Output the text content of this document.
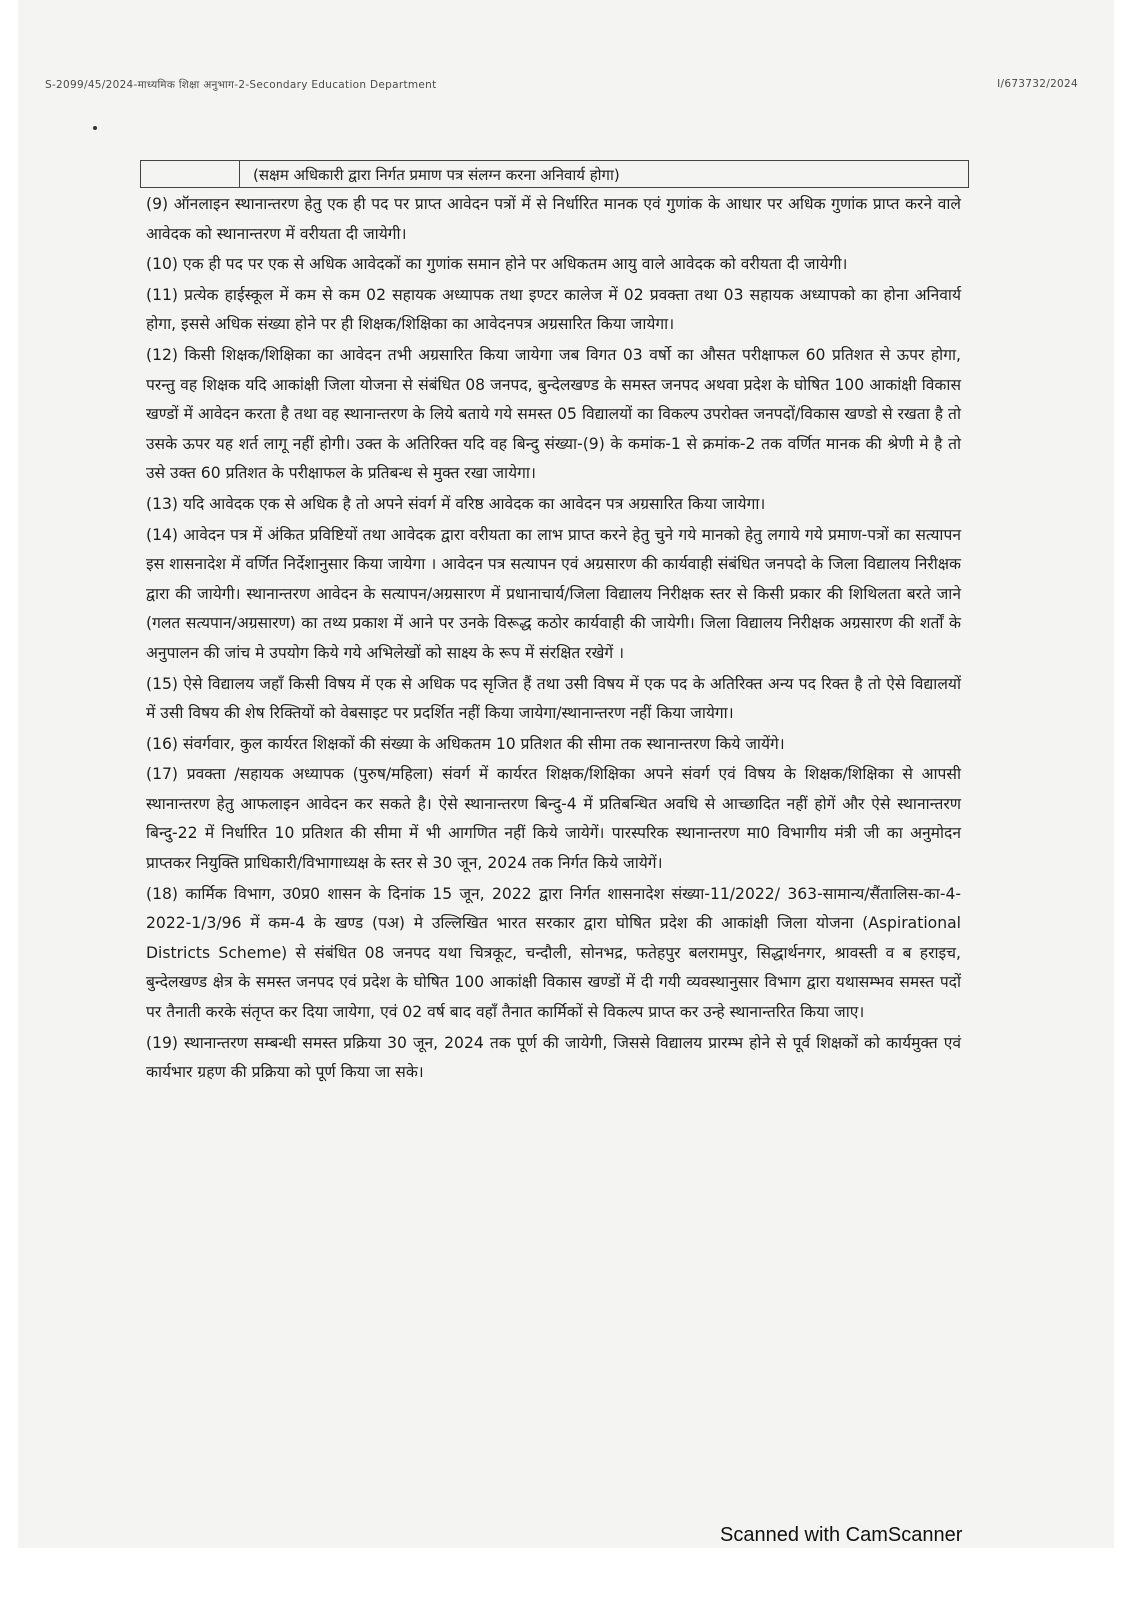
S-2099/45/2024-माध्यमिक शिक्षा अनुभाग-2-Secondary Education Department	I/673732/2024
(सक्षम अधिकारी द्वारा निर्गत प्रमाण पत्र संलग्न करना अनिवार्य होगा)

(9) ऑनलाइन स्थानान्तरण हेतु एक ही पद पर प्राप्त आवेदन पत्रों में से निर्धारित मानक एवं गुणांक के आधार पर अधिक गुणांक प्राप्त करने वाले आवेदक को स्थानान्तरण में वरीयता दी जायेगी।

(10) एक ही पद पर एक से अधिक आवेदकों का गुणांक समान होने पर अधिकतम आयु वाले आवेदक को वरीयता दी जायेगी।

(11) प्रत्येक हाईस्कूल में कम से कम 02 सहायक अध्यापक तथा इण्टर कालेज में 02 प्रवक्ता तथा 03 सहायक अध्यापको का होना अनिवार्य होगा, इससे अधिक संख्या होने पर ही शिक्षक/शिक्षिका का आवेदनपत्र अग्रसारित किया जायेगा।

(12) किसी शिक्षक/शिक्षिका का आवेदन तभी अग्रसारित किया जायेगा जब विगत 03 वर्षो का औसत परीक्षाफल 60 प्रतिशत से ऊपर होगा, परन्तु वह शिक्षक यदि आकांक्षी जिला योजना से संबंधित 08 जनपद, बुन्देलखण्ड के समस्त जनपद अथवा प्रदेश के घोषित 100 आकांक्षी विकास खण्डों में आवेदन करता है तथा वह स्थानान्तरण के लिये बताये गये समस्त 05 विद्यालयों का विकल्प उपरोक्त जनपदों/विकास खण्डो से रखता है तो उसके ऊपर यह शर्त लागू नहीं होगी। उक्त के अतिरिक्त यदि वह बिन्दु संख्या-(9) के कमांक-1 से क्रमांक-2 तक वर्णित मानक की श्रेणी मे है तो उसे उक्त 60 प्रतिशत के परीक्षाफल के प्रतिबन्ध से मुक्त रखा जायेगा।

(13) यदि आवेदक एक से अधिक है तो अपने संवर्ग में वरिष्ठ आवेदक का आवेदन पत्र अग्रसारित किया जायेगा।

(14) आवेदन पत्र में अंकित प्रविष्टियों तथा आवेदक द्वारा वरीयता का लाभ प्राप्त करने हेतु चुने गये मानको हेतु लगाये गये प्रमाण-पत्रों का सत्यापन इस शासनादेश में वर्णित निर्देशानुसार किया जायेगा । आवेदन पत्र सत्यापन एवं अग्रसारण की कार्यवाही संबंधित जनपदो के जिला विद्यालय निरीक्षक द्वारा की जायेगी। स्थानान्तरण आवेदन के सत्यापन/अग्रसारण में प्रधानाचार्य/जिला विद्यालय निरीक्षक स्तर से किसी प्रकार की शिथिलता बरते जाने (गलत सत्यपान/अग्रसारण) का तथ्य प्रकाश में आने पर उनके विरूद्ध कठोर कार्यवाही की जायेगी। जिला विद्यालय निरीक्षक अग्रसारण की शर्तों के अनुपालन की जांच मे उपयोग किये गये अभिलेखों को साक्ष्य के रूप में संरक्षित रखेगें ।

(15) ऐसे विद्यालय जहाँ किसी विषय में एक से अधिक पद सृजित हैं तथा उसी विषय में एक पद के अतिरिक्त अन्य पद रिक्त है तो ऐसे विद्यालयों में उसी विषय की शेष रिक्तियों को वेबसाइट पर प्रदर्शित नहीं किया जायेगा/स्थानान्तरण नहीं किया जायेगा।

(16) संवर्गवार, कुल कार्यरत शिक्षकों की संख्या के अधिकतम 10 प्रतिशत की सीमा तक स्थानान्तरण किये जायेंगे।

(17) प्रवक्ता /सहायक अध्यापक (पुरुष/महिला) संवर्ग में कार्यरत शिक्षक/शिक्षिका अपने संवर्ग एवं विषय के शिक्षक/शिक्षिका से आपसी स्थानान्तरण हेतु आफलाइन आवेदन कर सकते है। ऐसे स्थानान्तरण बिन्दु-4 में प्रतिबन्धित अवधि से आच्छादित नहीं होगें और ऐसे स्थानान्तरण बिन्दु-22 में निर्धारित 10 प्रतिशत की सीमा में भी आगणित नहीं किये जायेगें। पारस्परिक स्थानान्तरण मा0 विभागीय मंत्री जी का अनुमोदन प्राप्तकर नियुक्ति प्राधिकारी/विभागाध्यक्ष के स्तर से 30 जून, 2024 तक निर्गत किये जायेगें।

(18) कार्मिक विभाग, उ0प्र0 शासन के दिनांक 15 जून, 2022 द्वारा निर्गत शासनादेश संख्या-11/2022/ 363-सामान्य/सैंतालिस-का-4-2022-1/3/96 में कम-4 के खण्ड (पअ) मे उल्लिखित भारत सरकार द्वारा घोषित प्रदेश की आकांक्षी जिला योजना (Aspirational Districts Scheme) से संबंधित 08 जनपद यथा चित्रकूट, चन्दौली, सोनभद्र, फतेहपुर बलरामपुर, सिद्धार्थनगर, श्रावस्ती व ब हराइच, बुन्देलखण्ड क्षेत्र के समस्त जनपद एवं प्रदेश के घोषित 100 आकांक्षी विकास खण्डों में दी गयी व्यवस्थानुसार विभाग द्वारा यथासम्भव समस्त पदों पर तैनाती करके संतृप्त कर दिया जायेगा, एवं 02 वर्ष बाद वहाँ तैनात कार्मिकों से विकल्प प्राप्त कर उन्हे स्थानान्तरित किया जाए।

(19) स्थानान्तरण सम्बन्धी समस्त प्रक्रिया 30 जून, 2024 तक पूर्ण की जायेगी, जिससे विद्यालय प्रारम्भ होने से पूर्व शिक्षकों को कार्यमुक्त एवं कार्यभार ग्रहण की प्रक्रिया को पूर्ण किया जा सके।

Scanned with CamScanner
